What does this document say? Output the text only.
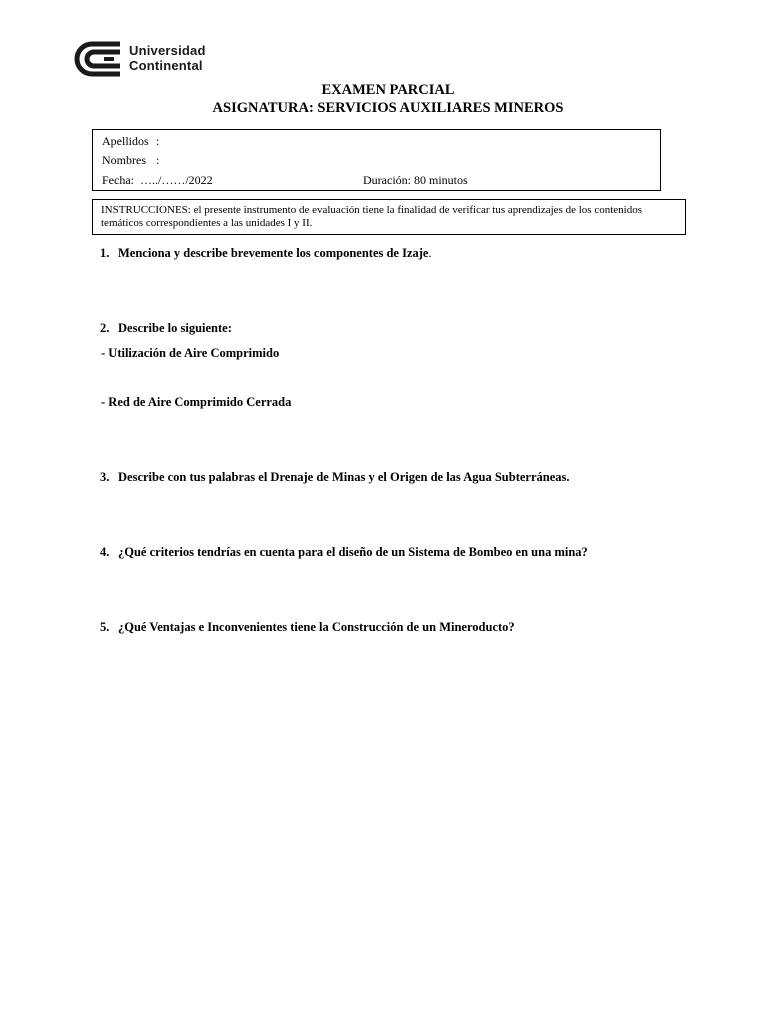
Universidad
Continental
EXAMEN PARCIAL
ASIGNATURA: SERVICIOS AUXILIARES MINEROS
Apellidos :
Nombres :
Fecha: …../……/2022	Duración: 80 minutos
INSTRUCCIONES: el presente instrumento de evaluación tiene la finalidad de verificar tus aprendizajes de los contenidos temáticos correspondientes a las unidades I y II.
1. Menciona y describe brevemente los componentes de Izaje.
2. Describe lo siguiente:
- Utilización de Aire Comprimido
- Red de Aire Comprimido Cerrada
3. Describe con tus palabras el Drenaje de Minas y el Origen de las Agua Subterráneas.
4. ¿Qué criterios tendrías en cuenta para el diseño de un Sistema de Bombeo en una mina?
5. ¿Qué Ventajas e Inconvenientes tiene la Construcción de un Mineroducto?
